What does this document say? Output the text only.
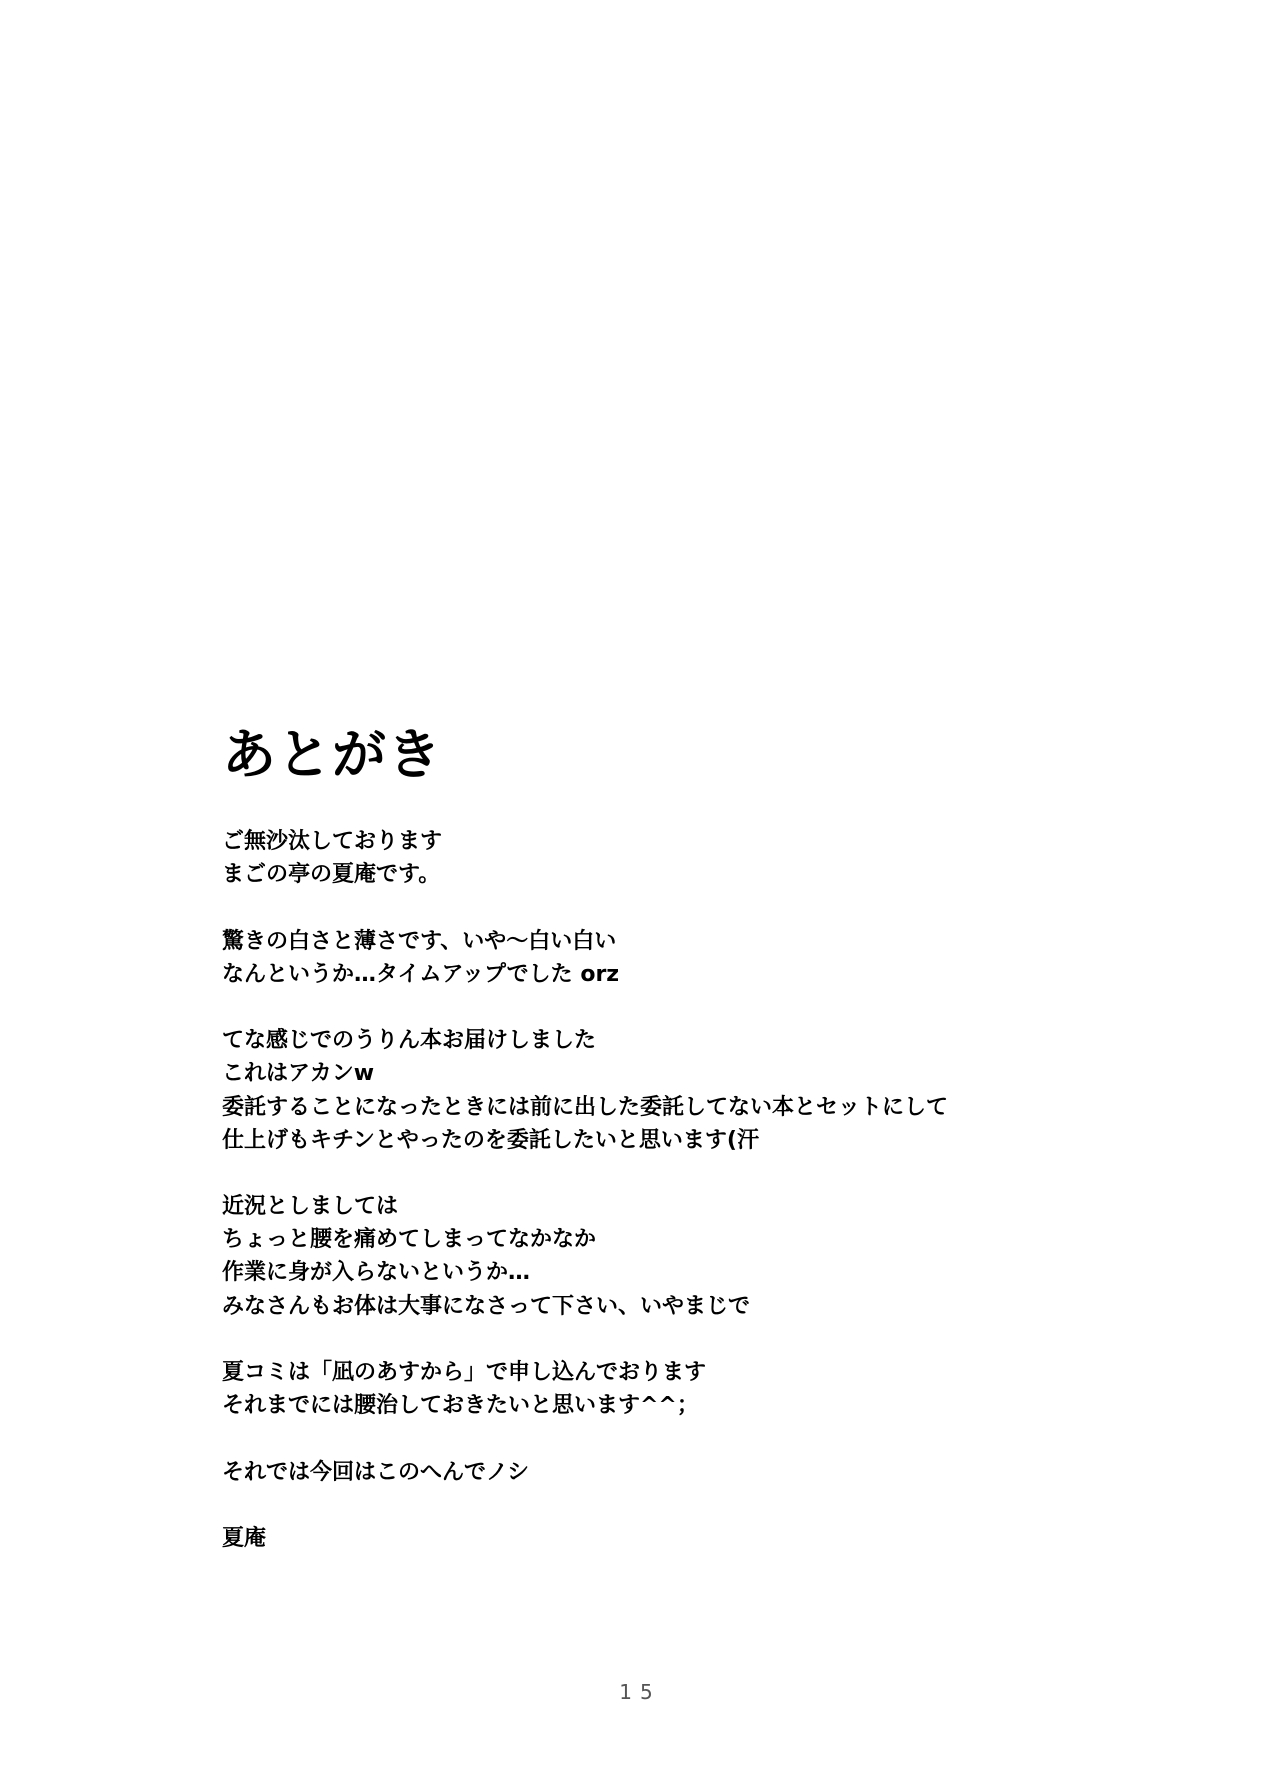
あとがき
ご無沙汰しております
まごの亭の夏庵です。
驚きの白さと薄さです、いや～白い白い
なんというか…タイムアップでした orz
てな感じでのうりん本お届けしました
これはアカンw
委託することになったときには前に出した委託してない本とセットにして
仕上げもキチンとやったのを委託したいと思います(汗
近況としましては
ちょっと腰を痛めてしまってなかなか
作業に身が入らないというか…
みなさんもお体は大事になさって下さい、いやまじで
夏コミは「凪のあすから」で申し込んでおります
それまでには腰治しておきたいと思います^^；
それでは今回はこのへんでノシ
夏庵
15
